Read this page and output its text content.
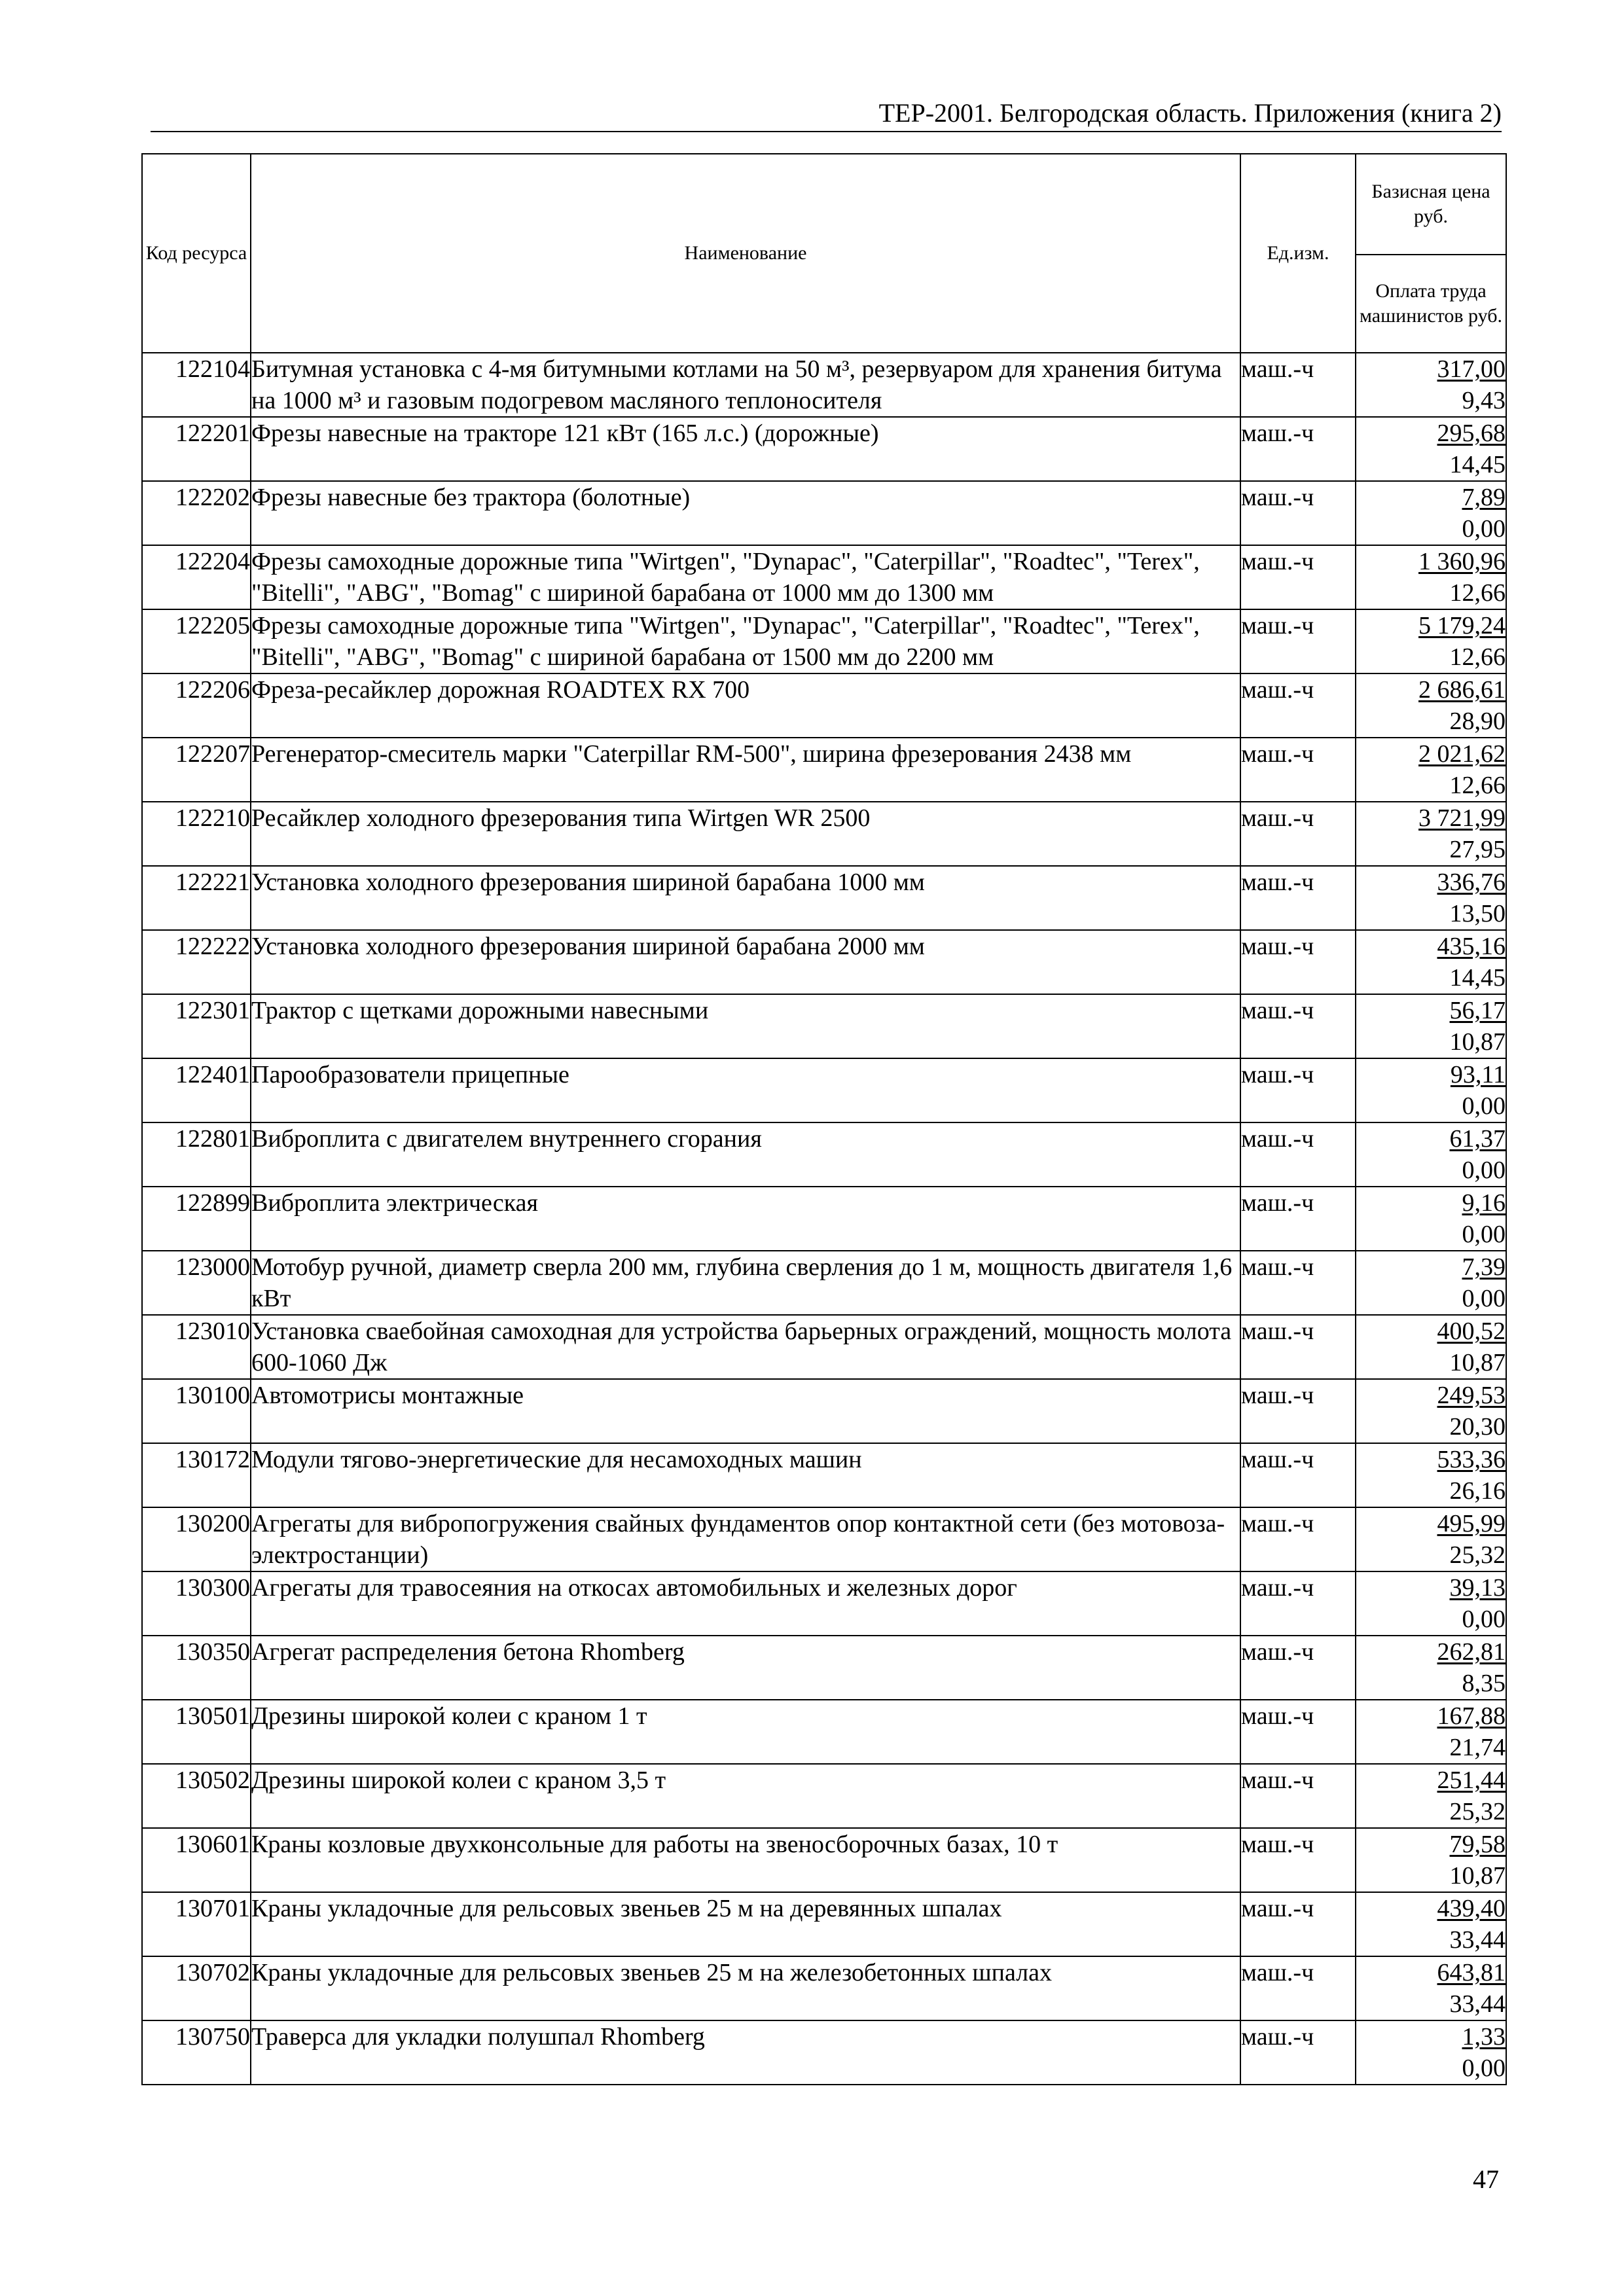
ТЕР-2001. Белгородская область. Приложения (книга 2)
Код ресурса	Наименование	Ед.изм.	Базисная цена руб.
			Оплата труда машинистов руб.
122104	Битумная установка с 4-мя битумными котлами на 50 м³, резервуаром для хранения битума на 1000 м³ и газовым подогревом масляного теплоносителя	маш.-ч	317,00
9,43

122201	Фрезы навесные на тракторе 121 кВт (165 л.с.) (дорожные)	маш.-ч	295,68
14,45

122202	Фрезы навесные без трактора (болотные)	маш.-ч	7,89
0,00

122204	Фрезы самоходные дорожные типа "Wirtgen", "Dynapac", "Caterpillar", "Roadtec", "Terex", "Bitelli", "ABG", "Bomag" с шириной барабана от 1000 мм до 1300 мм	маш.-ч	1 360,96
12,66

122205	Фрезы самоходные дорожные типа "Wirtgen", "Dynapac", "Caterpillar", "Roadtec", "Terex", "Bitelli", "ABG", "Bomag" с шириной барабана от 1500 мм до 2200 мм	маш.-ч	5 179,24
12,66

122206	Фреза-ресайклер дорожная ROADTEX RX 700	маш.-ч	2 686,61
28,90

122207	Регенератор-смеситель марки "Caterpillar RM-500", ширина фрезерования 2438 мм	маш.-ч	2 021,62
12,66

122210	Ресайклер холодного фрезерования типа Wirtgen WR 2500	маш.-ч	3 721,99
27,95

122221	Установка холодного фрезерования шириной барабана 1000 мм	маш.-ч	336,76
13,50

122222	Установка холодного фрезерования шириной барабана 2000 мм	маш.-ч	435,16
14,45

122301	Трактор с щетками дорожными навесными	маш.-ч	56,17
10,87

122401	Парообразователи прицепные	маш.-ч	93,11
0,00

122801	Виброплита с двигателем внутреннего сгорания	маш.-ч	61,37
0,00

122899	Виброплита электрическая	маш.-ч	9,16
0,00

123000	Мотобур ручной, диаметр сверла 200 мм, глубина сверления до 1 м, мощность двигателя 1,6 кВт	маш.-ч	7,39
0,00

123010	Установка сваебойная самоходная для устройства барьерных ограждений, мощность молота 600-1060 Дж	маш.-ч	400,52
10,87

130100	Автомотрисы монтажные	маш.-ч	249,53
20,30

130172	Модули тягово-энергетические для несамоходных машин	маш.-ч	533,36
26,16

130200	Агрегаты для вибропогружения свайных фундаментов опор контактной сети (без мотовоза-электростанции)	маш.-ч	495,99
25,32

130300	Агрегаты для травосеяния на откосах автомобильных и железных дорог	маш.-ч	39,13
0,00

130350	Агрегат распределения бетона Rhomberg	маш.-ч	262,81
8,35

130501	Дрезины широкой колеи с краном 1 т	маш.-ч	167,88
21,74

130502	Дрезины широкой колеи с краном 3,5 т	маш.-ч	251,44
25,32

130601	Краны козловые двухконсольные для работы на звеносборочных базах, 10 т	маш.-ч	79,58
10,87

130701	Краны укладочные для рельсовых звеньев 25 м на деревянных шпалах	маш.-ч	439,40
33,44

130702	Краны укладочные для рельсовых звеньев 25 м на железобетонных шпалах	маш.-ч	643,81
33,44

130750	Траверса для укладки полушпал Rhomberg	маш.-ч	1,33
0,00
47
